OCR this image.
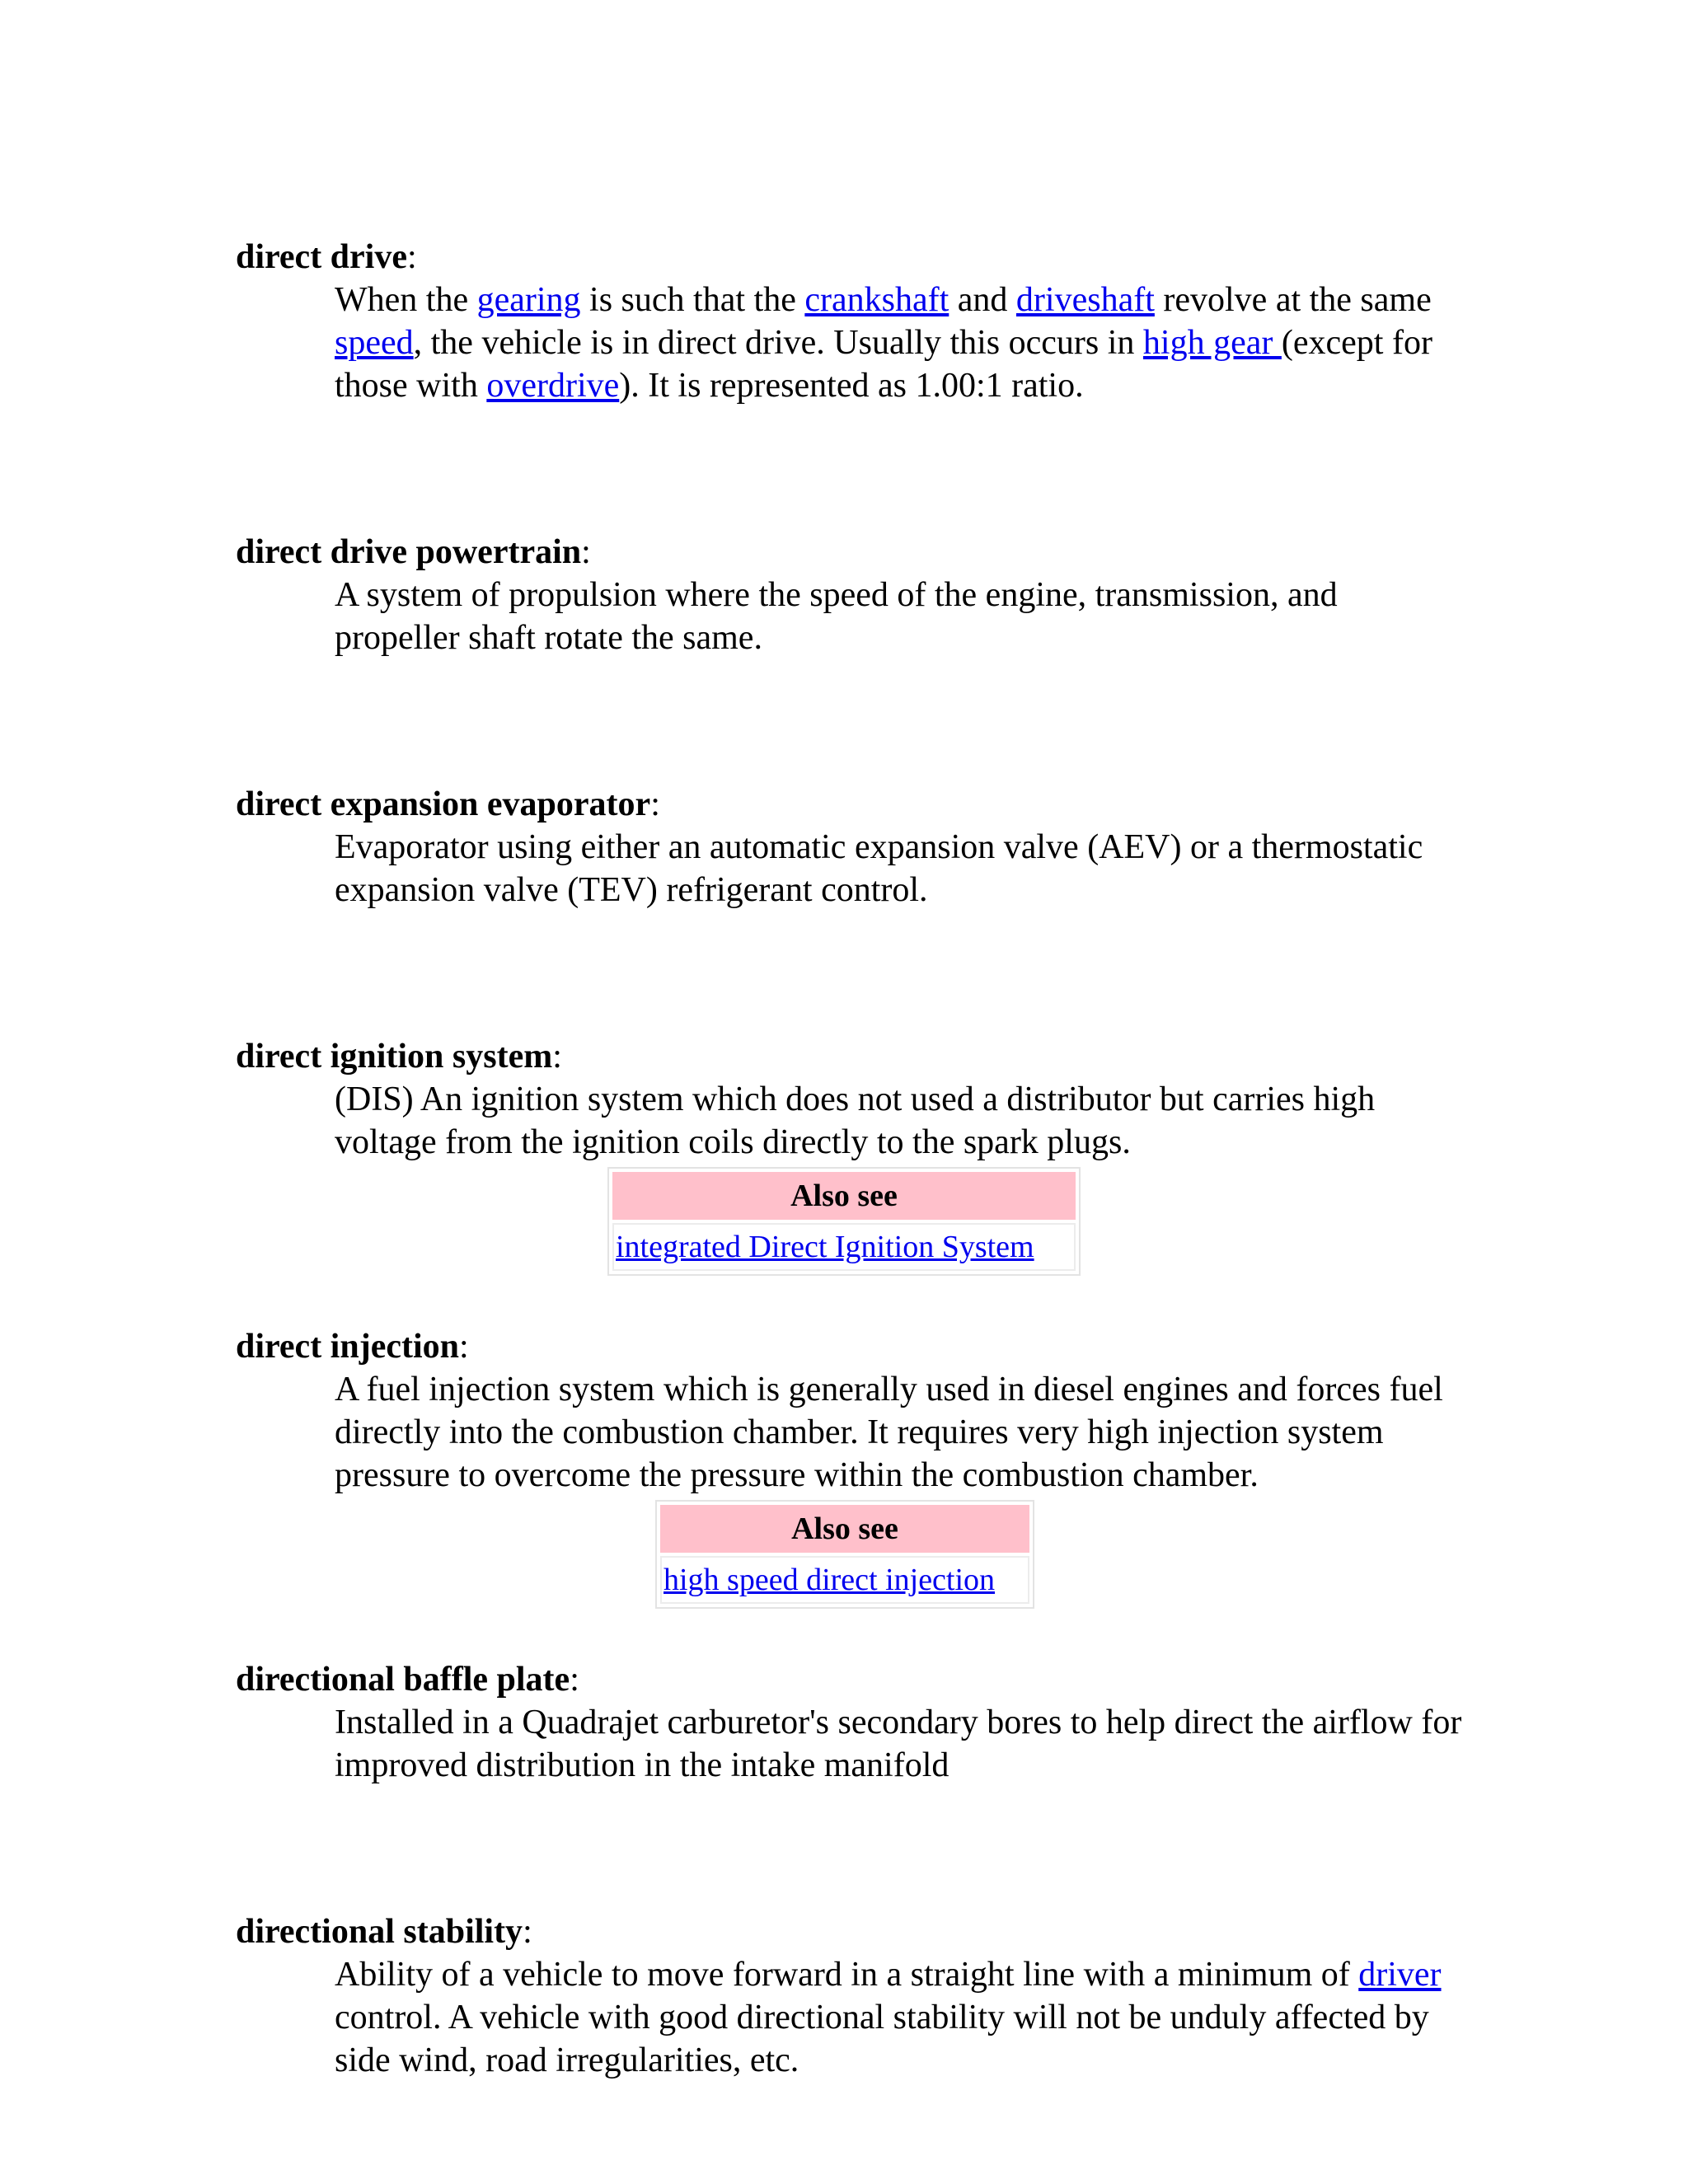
direct drive:

When the gearing is such that the crankshaft and driveshaft revolve at the same speed, the vehicle is in direct drive. Usually this occurs in high gear (except for those with overdrive). It is represented as 1.00:1 ratio.

direct drive powertrain:

A system of propulsion where the speed of the engine, transmission, and propeller shaft rotate the same.

direct expansion evaporator:

Evaporator using either an automatic expansion valve (AEV) or a thermostatic expansion valve (TEV) refrigerant control.

direct ignition system:

(DIS) An ignition system which does not used a distributor but carries high voltage from the ignition coils directly to the spark plugs.

Also see
integrated Direct Ignition System
direct injection:

A fuel injection system which is generally used in diesel engines and forces fuel directly into the combustion chamber. It requires very high injection system pressure to overcome the pressure within the combustion chamber.

Also see
high speed direct injection
directional baffle plate:

Installed in a Quadrajet carburetor's secondary bores to help direct the airflow for improved distribution in the intake manifold

directional stability:

Ability of a vehicle to move forward in a straight line with a minimum of driver control. A vehicle with good directional stability will not be unduly affected by side wind, road irregularities, etc.
